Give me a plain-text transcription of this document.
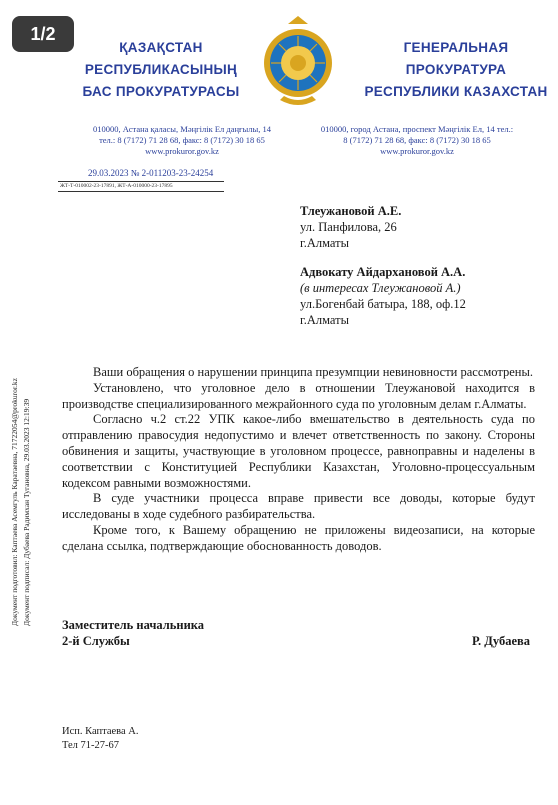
1/2
ҚАЗАҚСТАН
РЕСПУБЛИКАСЫНЫҢ
БАС ПРОКУРАТУРАСЫ
ГЕНЕРАЛЬНАЯ
ПРОКУРАТУРА
РЕСПУБЛИКИ КАЗАХСТАН
010000, Астана қаласы, Мәңгілік Ел даңғылы, 14
тел.: 8 (7172) 71 28 68, факс: 8 (7172) 30 18 65
www.prokuror.gov.kz
010000, город Астана, проспект Мәңгілік Ел, 14 тел.:
8 (7172) 71 28 68, факс: 8 (7172) 30 18 65
www.prokuror.gov.kz
29.03.2023 № 2-011203-23-24254
ЖТ-Т-010002-23-17891, ЖТ-А-010000-23-17895
Тлеужановой А.Е.
ул. Панфилова, 26
г.Алматы
Адвокату Айдархановой А.А.
(в интересах Тлеужановой А.)
ул.Богенбай батыра, 188, оф.12
г.Алматы

Ваши обращения о нарушении принципа презумпции невиновности рассмотрены.

Установлено, что уголовное дело в отношении Тлеужановой находится в производстве специализированного межрайонного суда по уголовным делам г.Алматы.

Согласно ч.2 ст.22 УПК какое-либо вмешательство в деятельность суда по отправлению правосудия недопустимо и влечет ответственность по закону. Стороны обвинения и защиты, участвующие в уголовном процессе, равноправны и наделены в соответствии с Конституцией Республики Казахстан, Уголовно-процессуальным кодексом равными возможностями.

В суде участники процесса вправе привести все доводы, которые будут исследованы в ходе судебного разбирательства.

Кроме того, к Вашему обращению не приложены видеозаписи, на которые сделана ссылка, подтверждающие обоснованность доводов.

Заместитель начальника
2-й Службы	Р. Дубаева
Исп. Каптаева А.
Тел 71-27-67
Документ подготовил: Каптаева Асемгуль Каратаевна, 71722054@prokuror.kz Документ подписал: Дубаева Радимхан Тугановна, 29.03.2023 12:19:39
